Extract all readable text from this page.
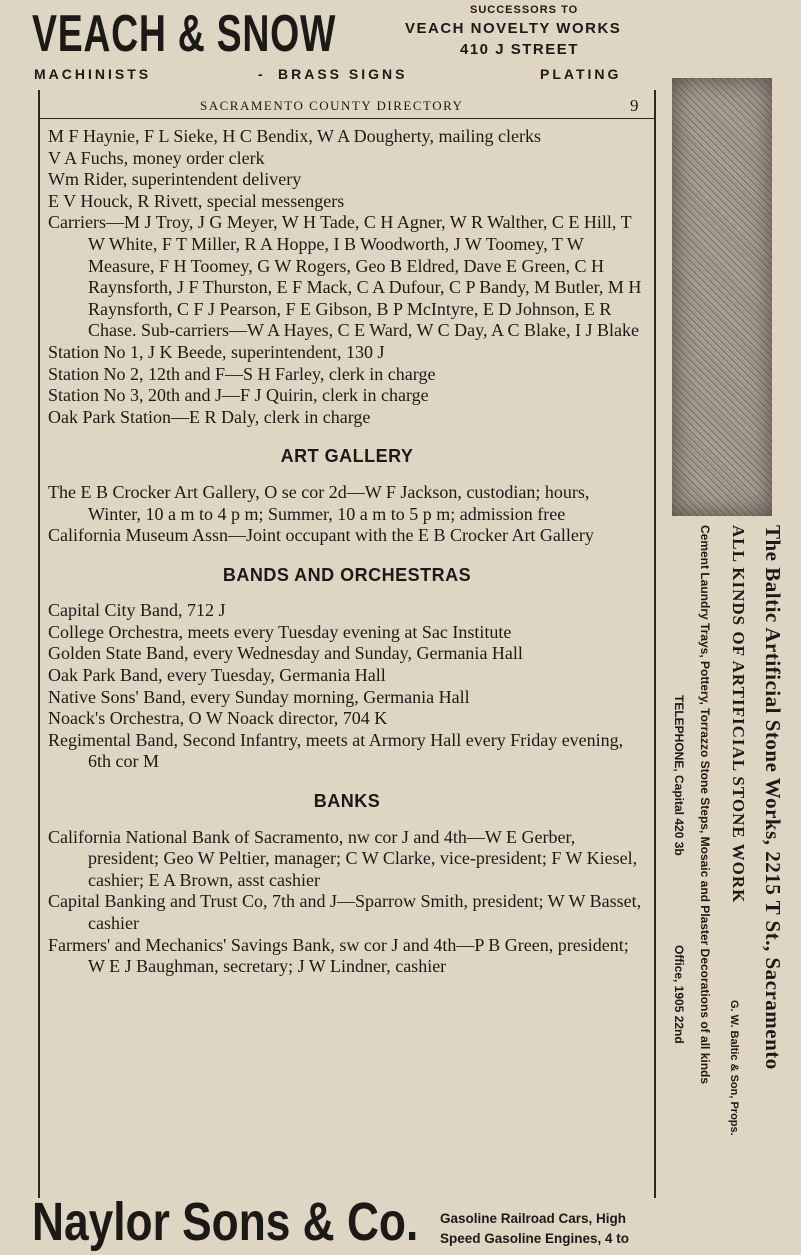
VEACH & SNOW	SUCCESSORS TO
VEACH NOVELTY WORKS
410 J STREET
MACHINISTS	- BRASS SIGNS	PLATING
SACRAMENTO COUNTY DIRECTORY	9

M F Haynie, F L Sieke, H C Bendix, W A Dougherty, mailing clerks

V A Fuchs, money order clerk

Wm Rider, superintendent delivery

E V Houck, R Rivett, special messengers

Carriers—M J Troy, J G Meyer, W H Tade, C H Agner, W R Walther, C E Hill, T W White, F T Miller, R A Hoppe, I B Woodworth, J W Toomey, T W Measure, F H Toomey, G W Rogers, Geo B Eldred, Dave E Green, C H Raynsforth, J F Thurston, E F Mack, C A Dufour, C P Bandy, M Butler, M H Raynsforth, C F J Pearson, F E Gibson, B P McIntyre, E D Johnson, E R Chase. Sub-carriers—W A Hayes, C E Ward, W C Day, A C Blake, I J Blake

Station No 1, J K Beede, superintendent, 130 J

Station No 2, 12th and F—S H Farley, clerk in charge

Station No 3, 20th and J—F J Quirin, clerk in charge

Oak Park Station—E R Daly, clerk in charge

ART GALLERY

The E B Crocker Art Gallery, O se cor 2d—W F Jackson, custodian; hours, Winter, 10 a m to 4 p m; Summer, 10 a m to 5 p m; admission free

California Museum Assn—Joint occupant with the E B Crocker Art Gallery

BANDS AND ORCHESTRAS

Capital City Band, 712 J

College Orchestra, meets every Tuesday evening at Sac Institute

Golden State Band, every Wednesday and Sunday, Germania Hall

Oak Park Band, every Tuesday, Germania Hall

Native Sons' Band, every Sunday morning, Germania Hall

Noack's Orchestra, O W Noack director, 704 K

Regimental Band, Second Infantry, meets at Armory Hall every Friday evening, 6th cor M

BANKS

California National Bank of Sacramento, nw cor J and 4th—W E Gerber, president; Geo W Peltier, manager; C W Clarke, vice-president; F W Kiesel, cashier; E A Brown, asst cashier

Capital Banking and Trust Co, 7th and J—Sparrow Smith, president; W W Basset, cashier

Farmers' and Mechanics' Savings Bank, sw cor J and 4th—P B Green, president; W E J Baughman, secretary; J W Lindner, cashier	The Baltic Artificial Stone Works, 2215 T St., Sacramento
ALL KINDS OF ARTIFICIAL STONE WORK
Cement Laundry Trays, Pottery, Torrazzo Stone Steps, Mosaic and Plaster Decorations of all kinds
TELEPHONE, Capital 420 3b
Office, 1905 22nd
G. W. Baltic & Son, Props.
Naylor Sons & Co. Gasoline Railroad Cars, High
Speed Gasoline Engines, 4 to
